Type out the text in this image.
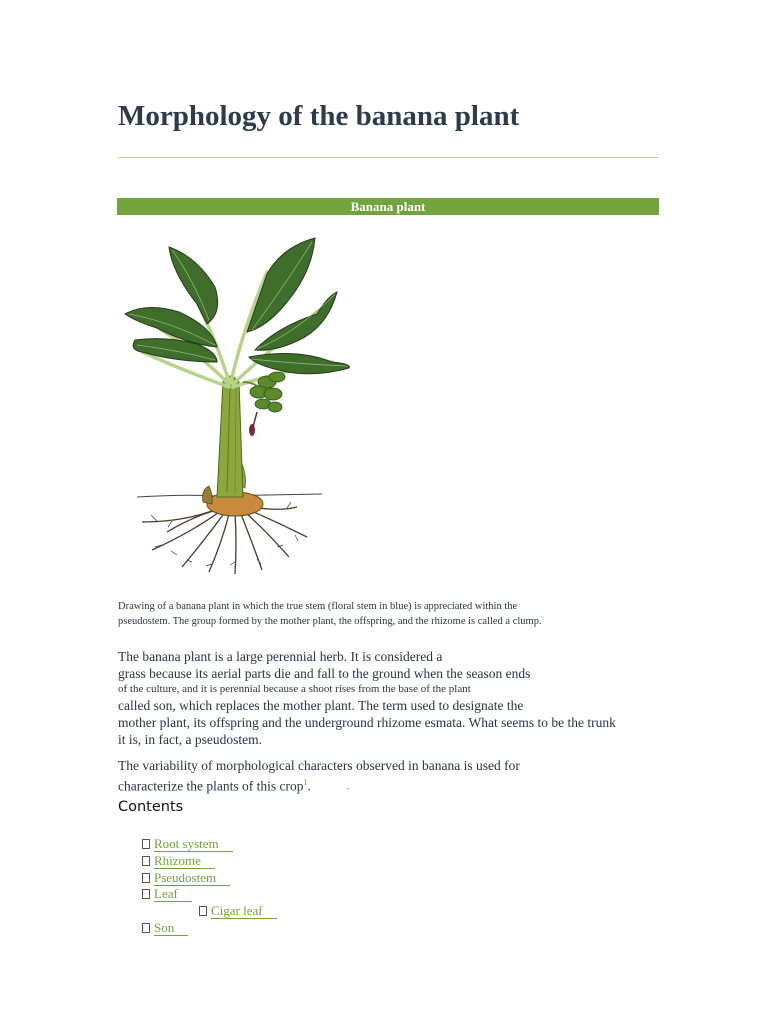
Morphology of the banana plant
Banana plant
Drawing of a banana plant in which the true stem (floral stem in blue) is appreciated within the
pseudostem. The group formed by the mother plant, the offspring, and the rhizome is called a clump.
The banana plant is a large perennial herb. It is considered a
grass because its aerial parts die and fall to the ground when the season ends
of the culture, and it is perennial because a shoot rises from the base of the plant
called son, which replaces the mother plant. The term used to designate the
mother plant, its offspring and the underground rhizome esmata. What seems to be the trunk
it is, in fact, a pseudostem.
The variability of morphological characters observed in banana is used for
characterize the plants of this crop$^1$.	-
Contents
Root system
Rhizome
Pseudostem
Leaf
Cigar leaf
Son
